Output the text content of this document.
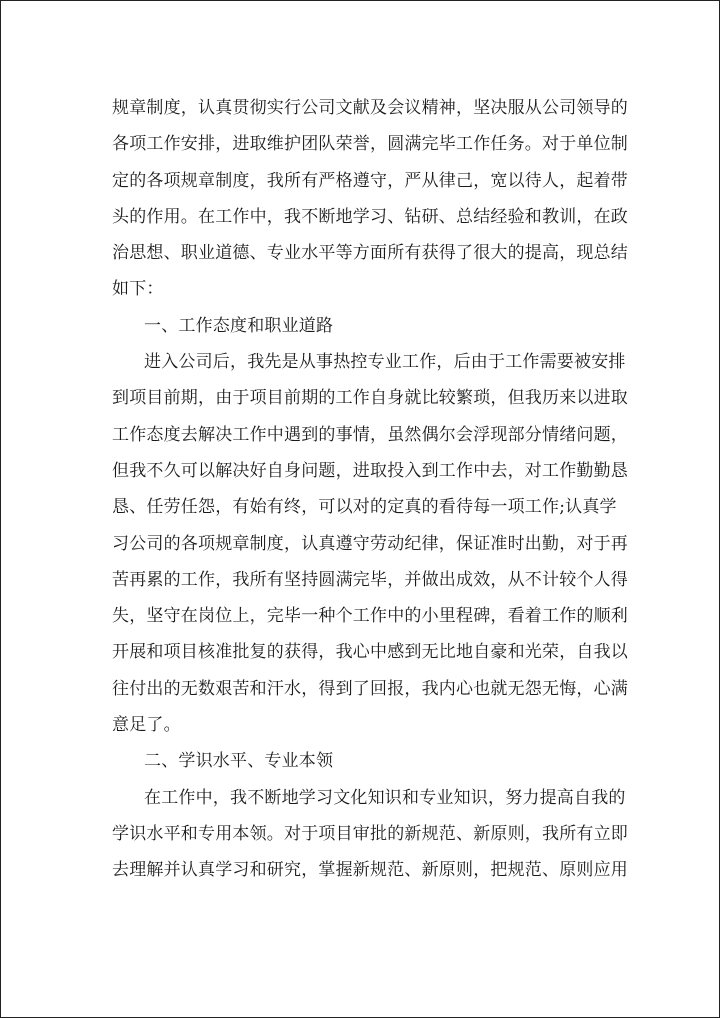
规章制度，认真贯彻实行公司文献及会议精神，坚决服从公司领导的
各项工作安排，进取维护团队荣誉，圆满完毕工作任务。对于单位制
定的各项规章制度，我所有严格遵守，严从律己，宽以待人，起着带
头的作用。在工作中，我不断地学习、钻研、总结经验和教训，在政
治思想、职业道德、专业水平等方面所有获得了很大的提高，现总结
如下：
一、工作态度和职业道路
进入公司后，我先是从事热控专业工作，后由于工作需要被安排
到项目前期，由于项目前期的工作自身就比较繁琐，但我历来以进取
工作态度去解决工作中遇到的事情，虽然偶尔会浮现部分情绪问题，
但我不久可以解决好自身问题，进取投入到工作中去，对工作勤勤恳
恳、任劳任怨，有始有终，可以对的定真的看待每一项工作;认真学
习公司的各项规章制度，认真遵守劳动纪律，保证准时出勤，对于再
苦再累的工作，我所有坚持圆满完毕，并做出成效，从不计较个人得
失，坚守在岗位上，完毕一种个工作中的小里程碑，看着工作的顺利
开展和项目核准批复的获得，我心中感到无比地自豪和光荣，自我以
往付出的无数艰苦和汗水，得到了回报，我内心也就无怨无悔，心满
意足了。
二、学识水平、专业本领
在工作中，我不断地学习文化知识和专业知识，努力提高自我的
学识水平和专用本领。对于项目审批的新规范、新原则，我所有立即
去理解并认真学习和研究，掌握新规范、新原则，把规范、原则应用
